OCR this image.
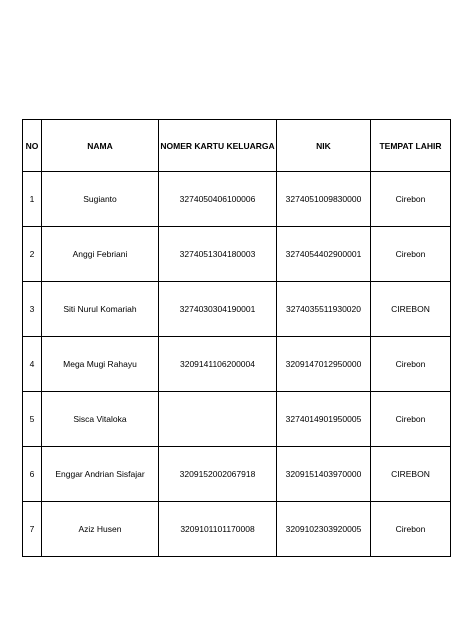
NO	NAMA	NOMER KARTU KELUARGA	NIK	TEMPAT LAHIR
1	Sugianto	3274050406100006	3274051009830000	Cirebon
2	Anggi Febriani	3274051304180003	3274054402900001	Cirebon
3	Siti Nurul Komariah	3274030304190001	3274035511930020	CIREBON
4	Mega Mugi Rahayu	3209141106200004	3209147012950000	Cirebon
5	Sisca Vitaloka		3274014901950005	Cirebon
6	Enggar Andrian Sisfajar	3209152002067918	3209151403970000	CIREBON
7	Aziz Husen	3209101101170008	3209102303920005	Cirebon
